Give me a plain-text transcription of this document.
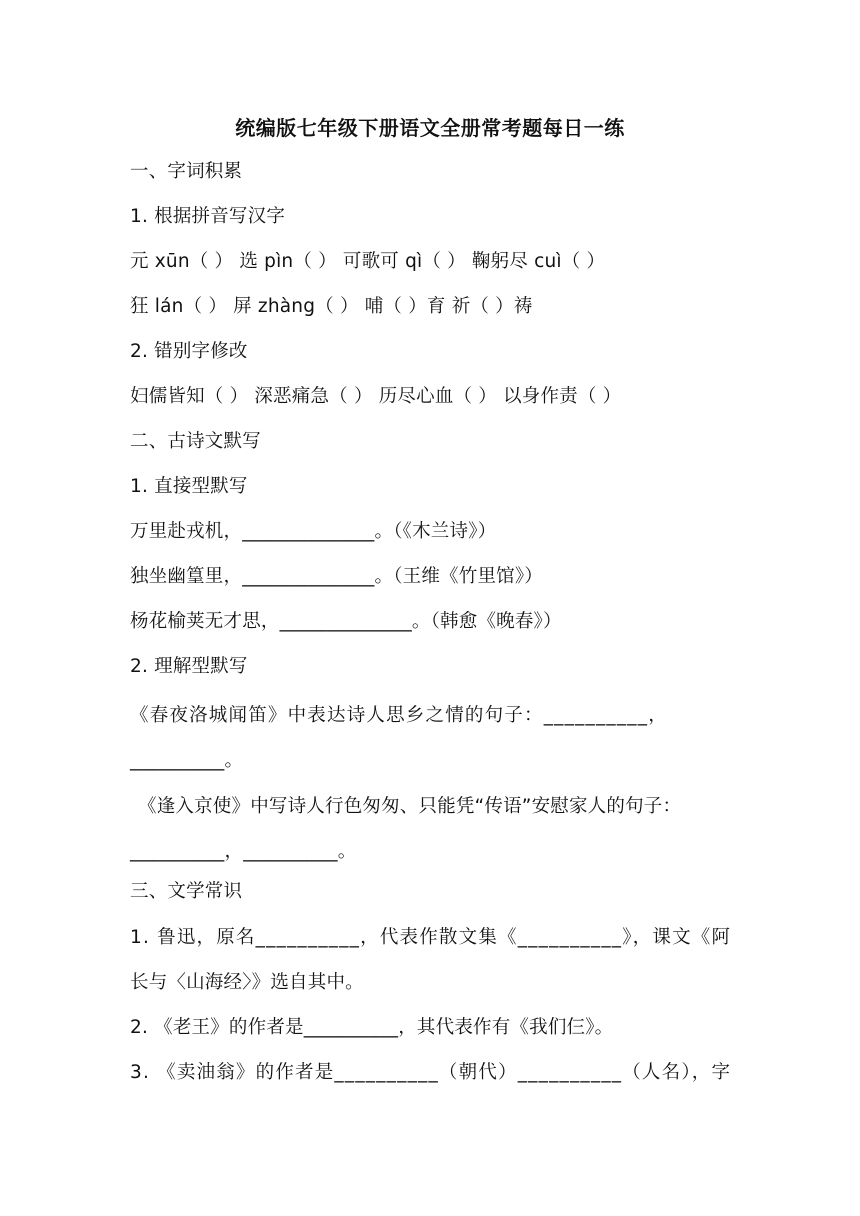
统编版七年级下册语文全册常考题每日一练
一、字词积累
1. 根据拼音写汉字
元 xūn（ ） 选 pìn（ ） 可歌可 qì（ ） 鞠躬尽 cuì（ ）
狂 lán（ ） 屏 zhàng（ ） 哺（ ）育 祈（ ）祷
2. 错别字修改
妇儒皆知（ ） 深恶痛急（ ） 历尽心血（ ） 以身作责（ ）
二、古诗文默写
1. 直接型默写
万里赴戎机，______________。（《木兰诗》）
独坐幽篁里，______________。（王维《竹里馆》）
杨花榆荚无才思，______________。（韩愈《晚春》）
2. 理解型默写
《春夜洛城闻笛》中表达诗人思乡之情的句子：__________，
__________。
《逢入京使》中写诗人行色匆匆、只能凭“传语”安慰家人的句子：
__________，__________。
三、文学常识
1. 鲁迅，原名__________，代表作散文集《__________》，课文《阿
长与〈山海经〉》选自其中。
2. 《老王》的作者是__________，其代表作有《我们仨》。
3. 《卖油翁》的作者是__________（朝代）__________（人名），字
